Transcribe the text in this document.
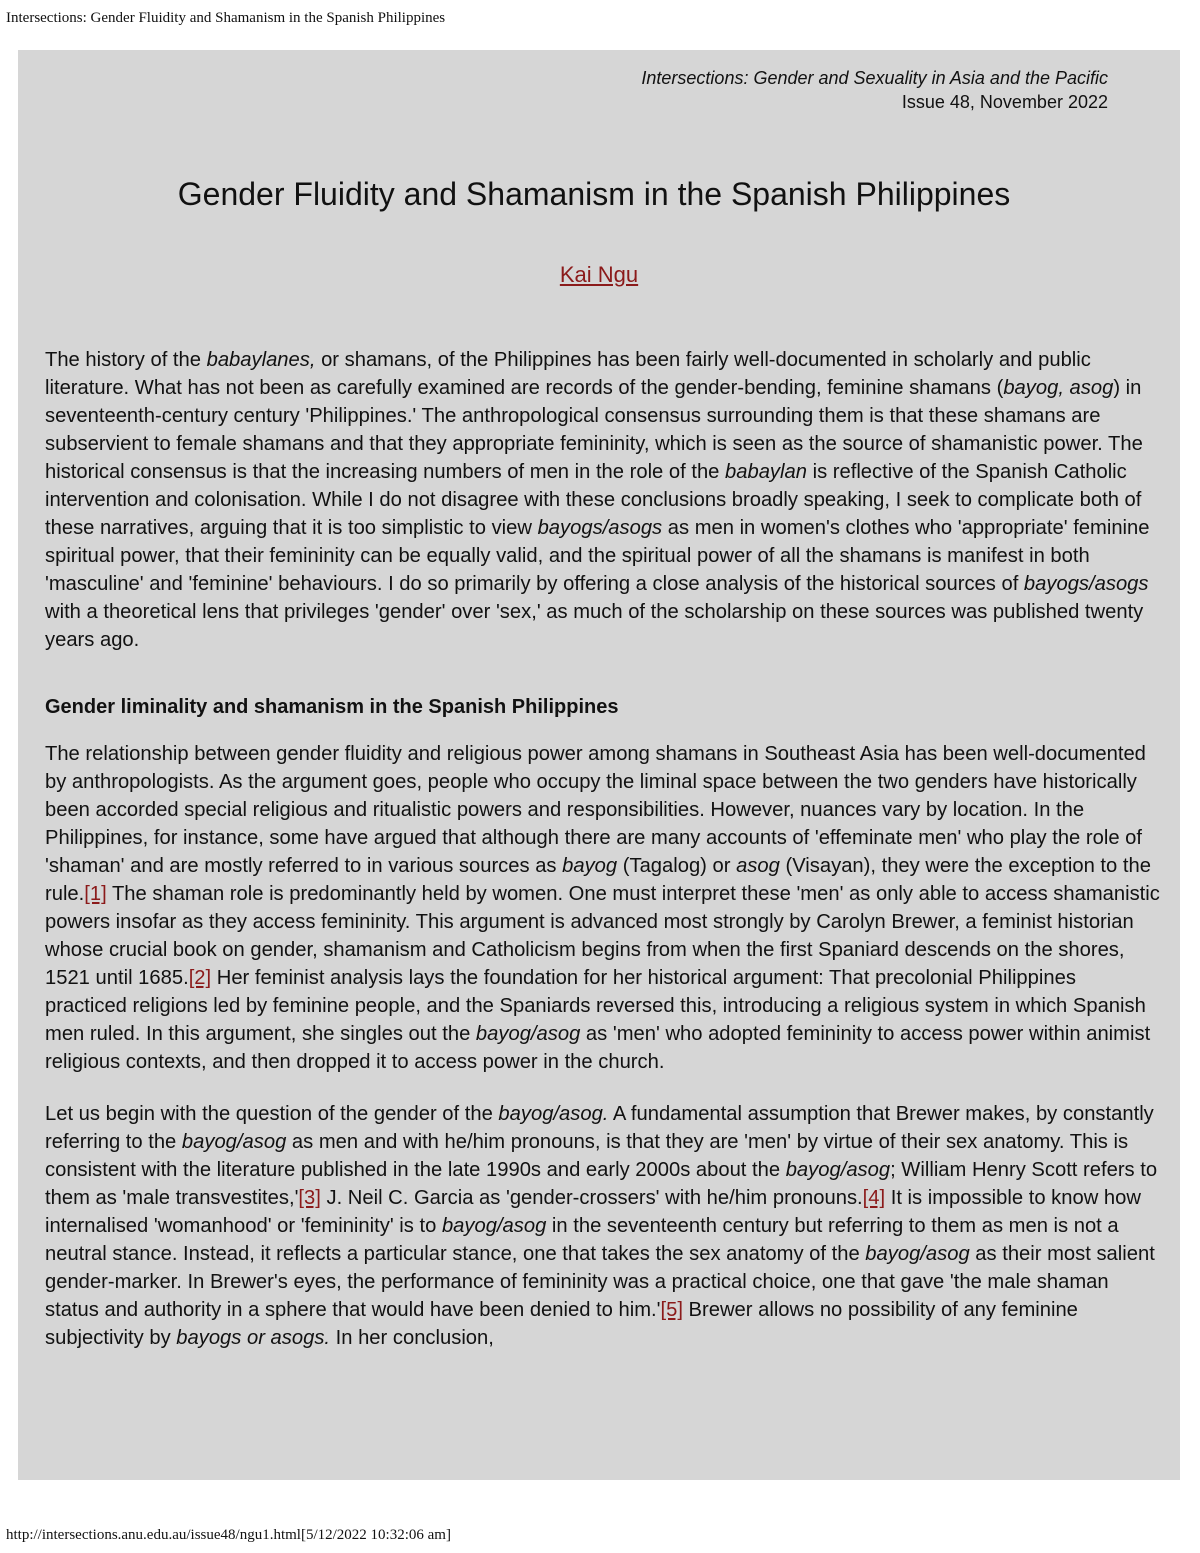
Intersections: Gender Fluidity and Shamanism in the Spanish Philippines
Intersections: Gender and Sexuality in Asia and the Pacific
Issue 48, November 2022
Gender Fluidity and Shamanism in the Spanish Philippines
Kai Ngu

The history of the babaylanes, or shamans, of the Philippines has been fairly well-documented in scholarly and public literature. What has not been as carefully examined are records of the gender-bending, feminine shamans (bayog, asog) in seventeenth-century century 'Philippines.' The anthropological consensus surrounding them is that these shamans are subservient to female shamans and that they appropriate femininity, which is seen as the source of shamanistic power. The historical consensus is that the increasing numbers of men in the role of the babaylan is reflective of the Spanish Catholic intervention and colonisation. While I do not disagree with these conclusions broadly speaking, I seek to complicate both of these narratives, arguing that it is too simplistic to view bayogs/asogs as men in women's clothes who 'appropriate' feminine spiritual power, that their femininity can be equally valid, and the spiritual power of all the shamans is manifest in both 'masculine' and 'feminine' behaviours. I do so primarily by offering a close analysis of the historical sources of bayogs/asogs with a theoretical lens that privileges 'gender' over 'sex,' as much of the scholarship on these sources was published twenty years ago.

Gender liminality and shamanism in the Spanish Philippines

The relationship between gender fluidity and religious power among shamans in Southeast Asia has been well-documented by anthropologists. As the argument goes, people who occupy the liminal space between the two genders have historically been accorded special religious and ritualistic powers and responsibilities. However, nuances vary by location. In the Philippines, for instance, some have argued that although there are many accounts of 'effeminate men' who play the role of 'shaman' and are mostly referred to in various sources as bayog (Tagalog) or asog (Visayan), they were the exception to the rule.[1] The shaman role is predominantly held by women. One must interpret these 'men' as only able to access shamanistic powers insofar as they access femininity. This argument is advanced most strongly by Carolyn Brewer, a feminist historian whose crucial book on gender, shamanism and Catholicism begins from when the first Spaniard descends on the shores, 1521 until 1685.[2] Her feminist analysis lays the foundation for her historical argument: That precolonial Philippines practiced religions led by feminine people, and the Spaniards reversed this, introducing a religious system in which Spanish men ruled. In this argument, she singles out the bayog/asog as 'men' who adopted femininity to access power within animist religious contexts, and then dropped it to access power in the church.

Let us begin with the question of the gender of the bayog/asog. A fundamental assumption that Brewer makes, by constantly referring to the bayog/asog as men and with he/him pronouns, is that they are 'men' by virtue of their sex anatomy. This is consistent with the literature published in the late 1990s and early 2000s about the bayog/asog; William Henry Scott refers to them as 'male transvestites,'[3] J. Neil C. Garcia as 'gender-crossers' with he/him pronouns.[4] It is impossible to know how internalised 'womanhood' or 'femininity' is to bayog/asog in the seventeenth century but referring to them as men is not a neutral stance. Instead, it reflects a particular stance, one that takes the sex anatomy of the bayog/asog as their most salient gender-marker. In Brewer's eyes, the performance of femininity was a practical choice, one that gave 'the male shaman status and authority in a sphere that would have been denied to him.'[5] Brewer allows no possibility of any feminine subjectivity by bayogs or asogs. In her conclusion,

http://intersections.anu.edu.au/issue48/ngu1.html[5/12/2022 10:32:06 am]
